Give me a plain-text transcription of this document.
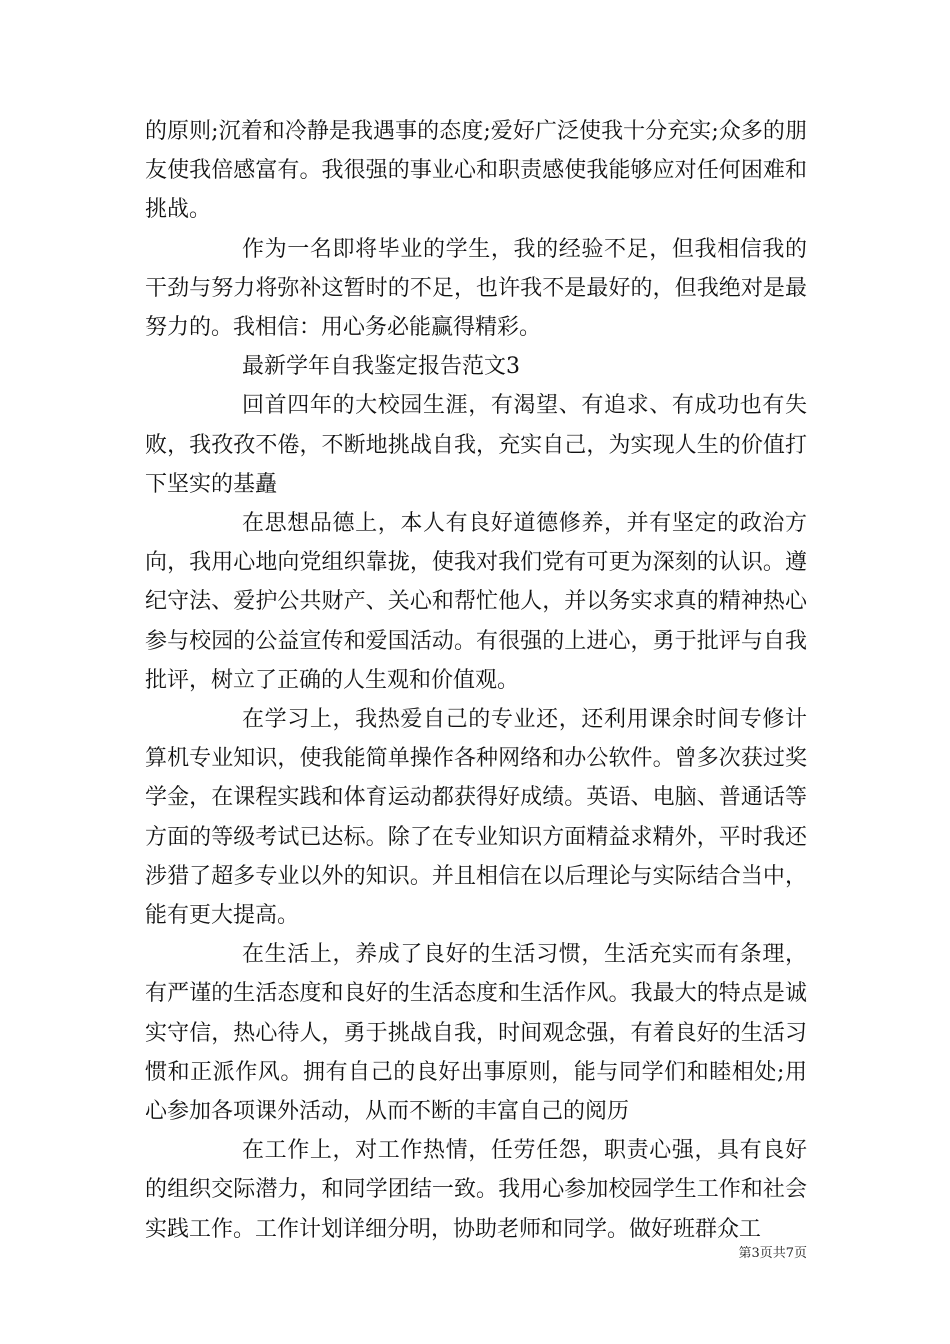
的原则;沉着和冷静是我遇事的态度;爱好广泛使我十分充实;众多的朋友使我倍感富有。我很强的事业心和职责感使我能够应对任何困难和挑战。

作为一名即将毕业的学生，我的经验不足，但我相信我的干劲与努力将弥补这暂时的不足，也许我不是最好的，但我绝对是最努力的。我相信：用心务必能赢得精彩。

最新学年自我鉴定报告范文3

回首四年的大校园生涯，有渴望、有追求、有成功也有失败，我孜孜不倦，不断地挑战自我，充实自己，为实现人生的价值打下坚实的基矗

在思想品德上，本人有良好道德修养，并有坚定的政治方向，我用心地向党组织靠拢，使我对我们党有可更为深刻的认识。遵纪守法、爱护公共财产、关心和帮忙他人，并以务实求真的精神热心参与校园的公益宣传和爱国活动。有很强的上进心，勇于批评与自我批评，树立了正确的人生观和价值观。

在学习上，我热爱自己的专业还，还利用课余时间专修计算机专业知识，使我能简单操作各种网络和办公软件。曾多次获过奖学金，在课程实践和体育运动都获得好成绩。英语、电脑、普通话等方面的等级考试已达标。除了在专业知识方面精益求精外，平时我还涉猎了超多专业以外的知识。并且相信在以后理论与实际结合当中，能有更大提高。

在生活上，养成了良好的生活习惯，生活充实而有条理，有严谨的生活态度和良好的生活态度和生活作风。我最大的特点是诚实守信，热心待人，勇于挑战自我，时间观念强，有着良好的生活习惯和正派作风。拥有自己的良好出事原则，能与同学们和睦相处;用心参加各项课外活动，从而不断的丰富自己的阅历

在工作上，对工作热情，任劳任怨，职责心强，具有良好的组织交际潜力，和同学团结一致。我用心参加校园学生工作和社会实践工作。工作计划详细分明，协助老师和同学。做好班群众工

第3页共7页
